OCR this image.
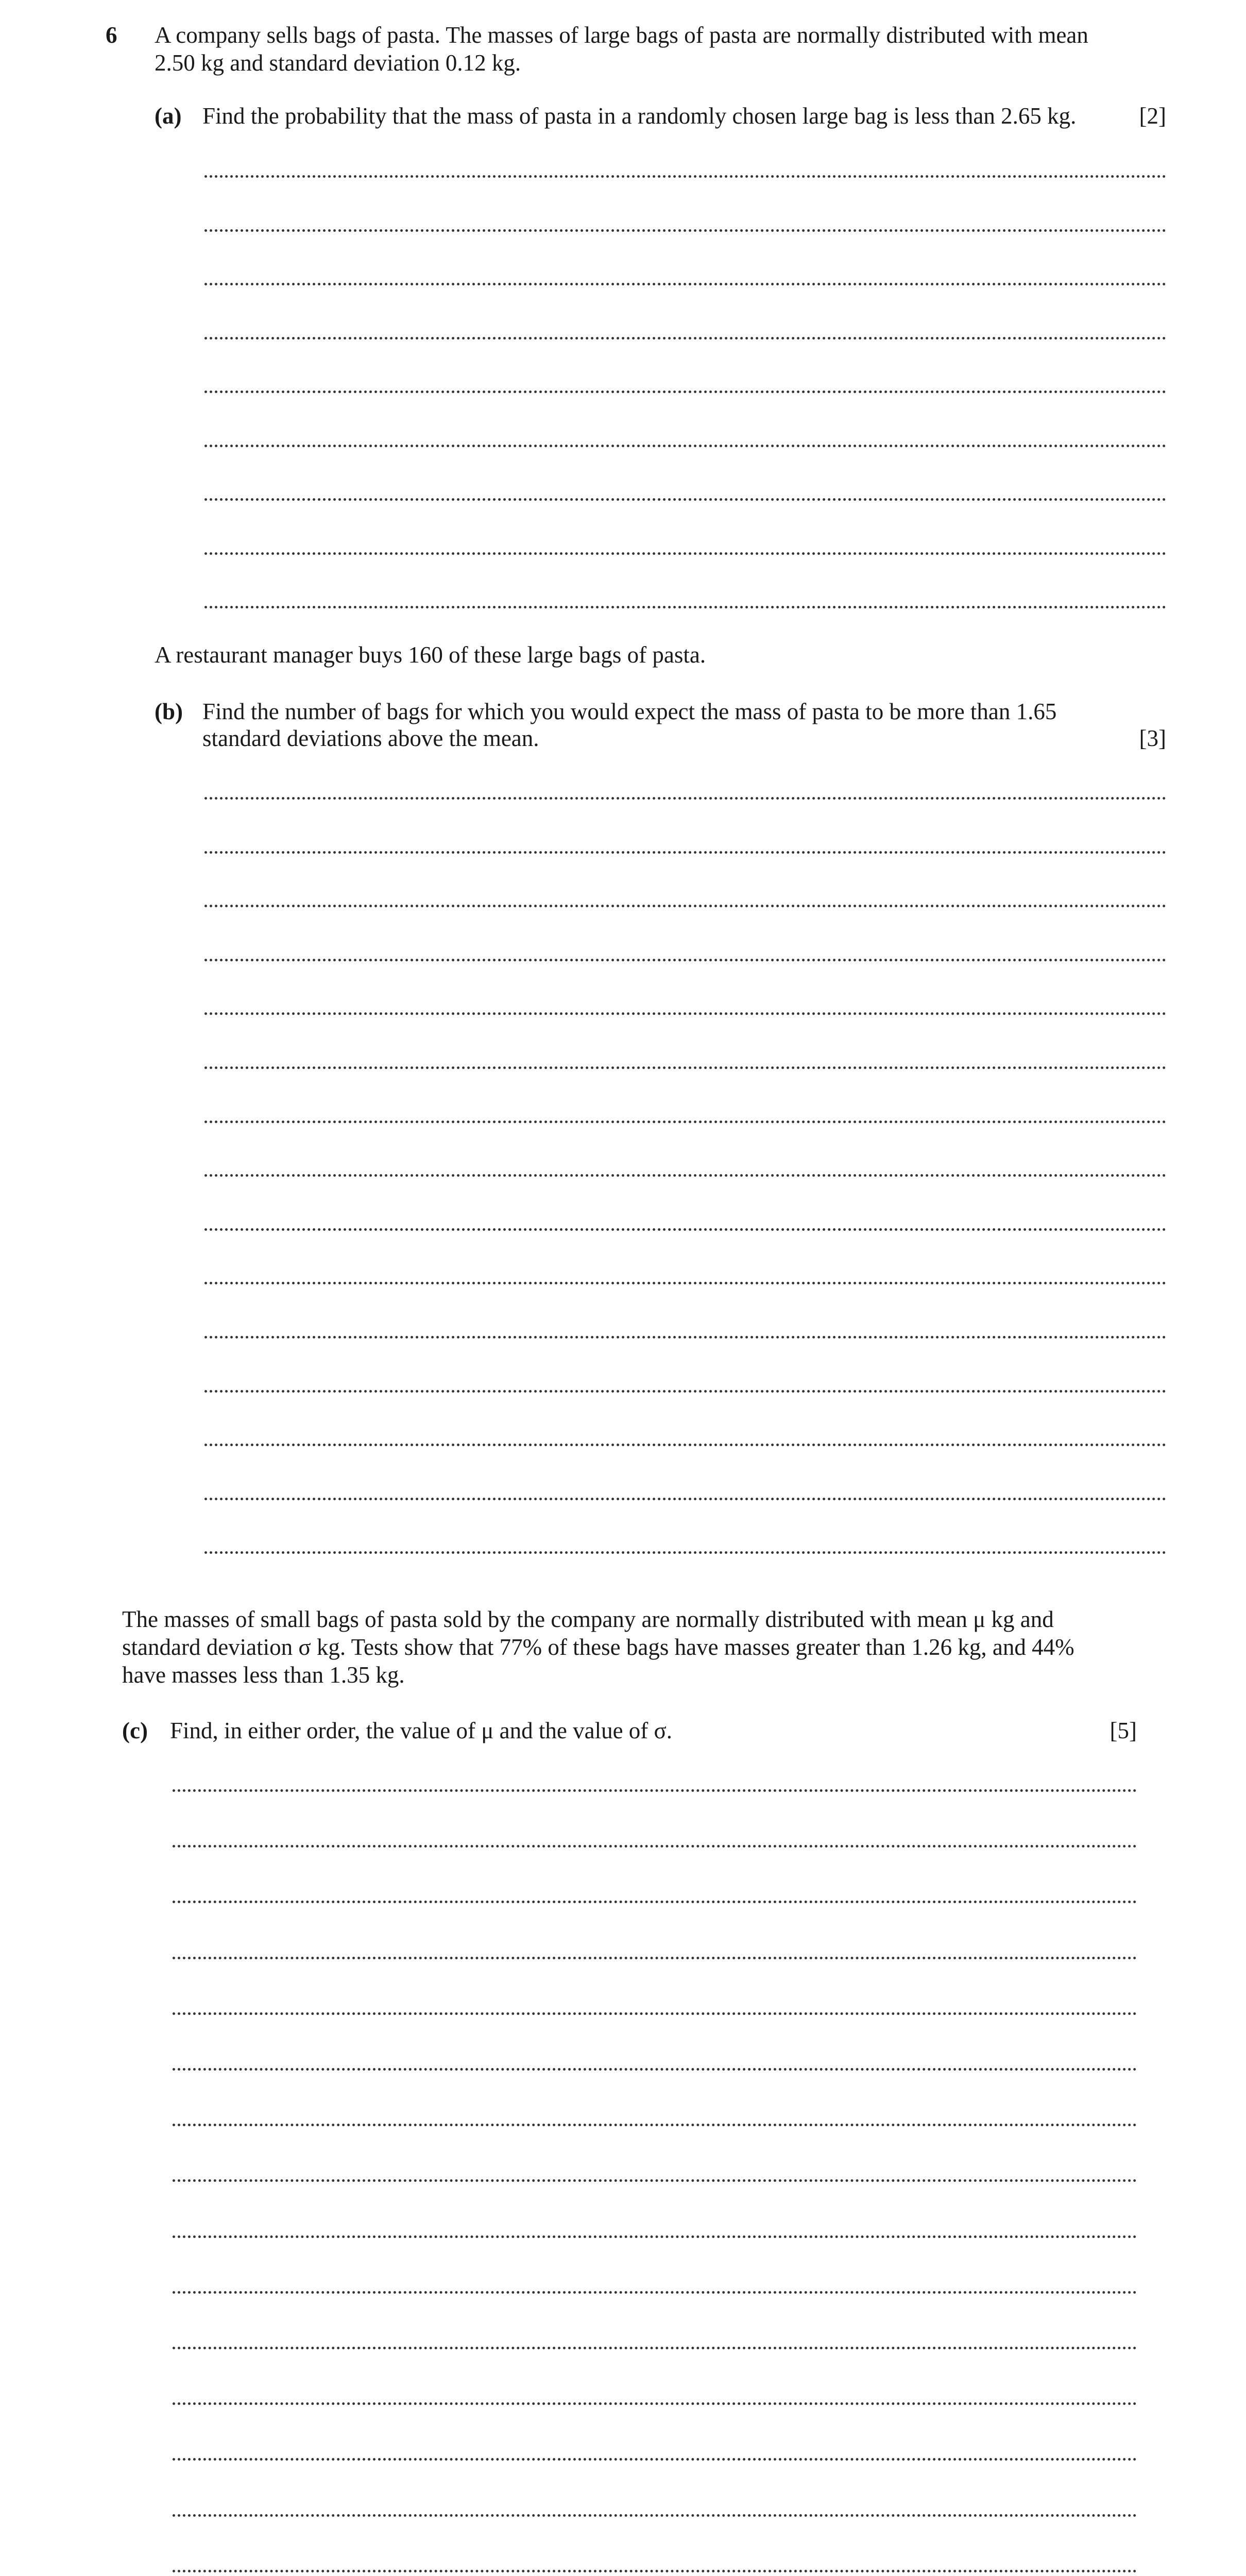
6 A company sells bags of pasta. The masses of large bags of pasta are normally distributed with mean
2.50 kg and standard deviation 0.12 kg.
(a) Find the probability that the mass of pasta in a randomly chosen large bag is less than 2.65 kg.	[2]
A restaurant manager buys 160 of these large bags of pasta.
(b) Find the number of bags for which you would expect the mass of pasta to be more than 1.65
standard deviations above the mean.	[3]
The masses of small bags of pasta sold by the company are normally distributed with mean μ kg and
standard deviation σ kg. Tests show that 77% of these bags have masses greater than 1.26 kg, and 44%
have masses less than 1.35 kg.
(c) Find, in either order, the value of μ and the value of σ.	[5]
